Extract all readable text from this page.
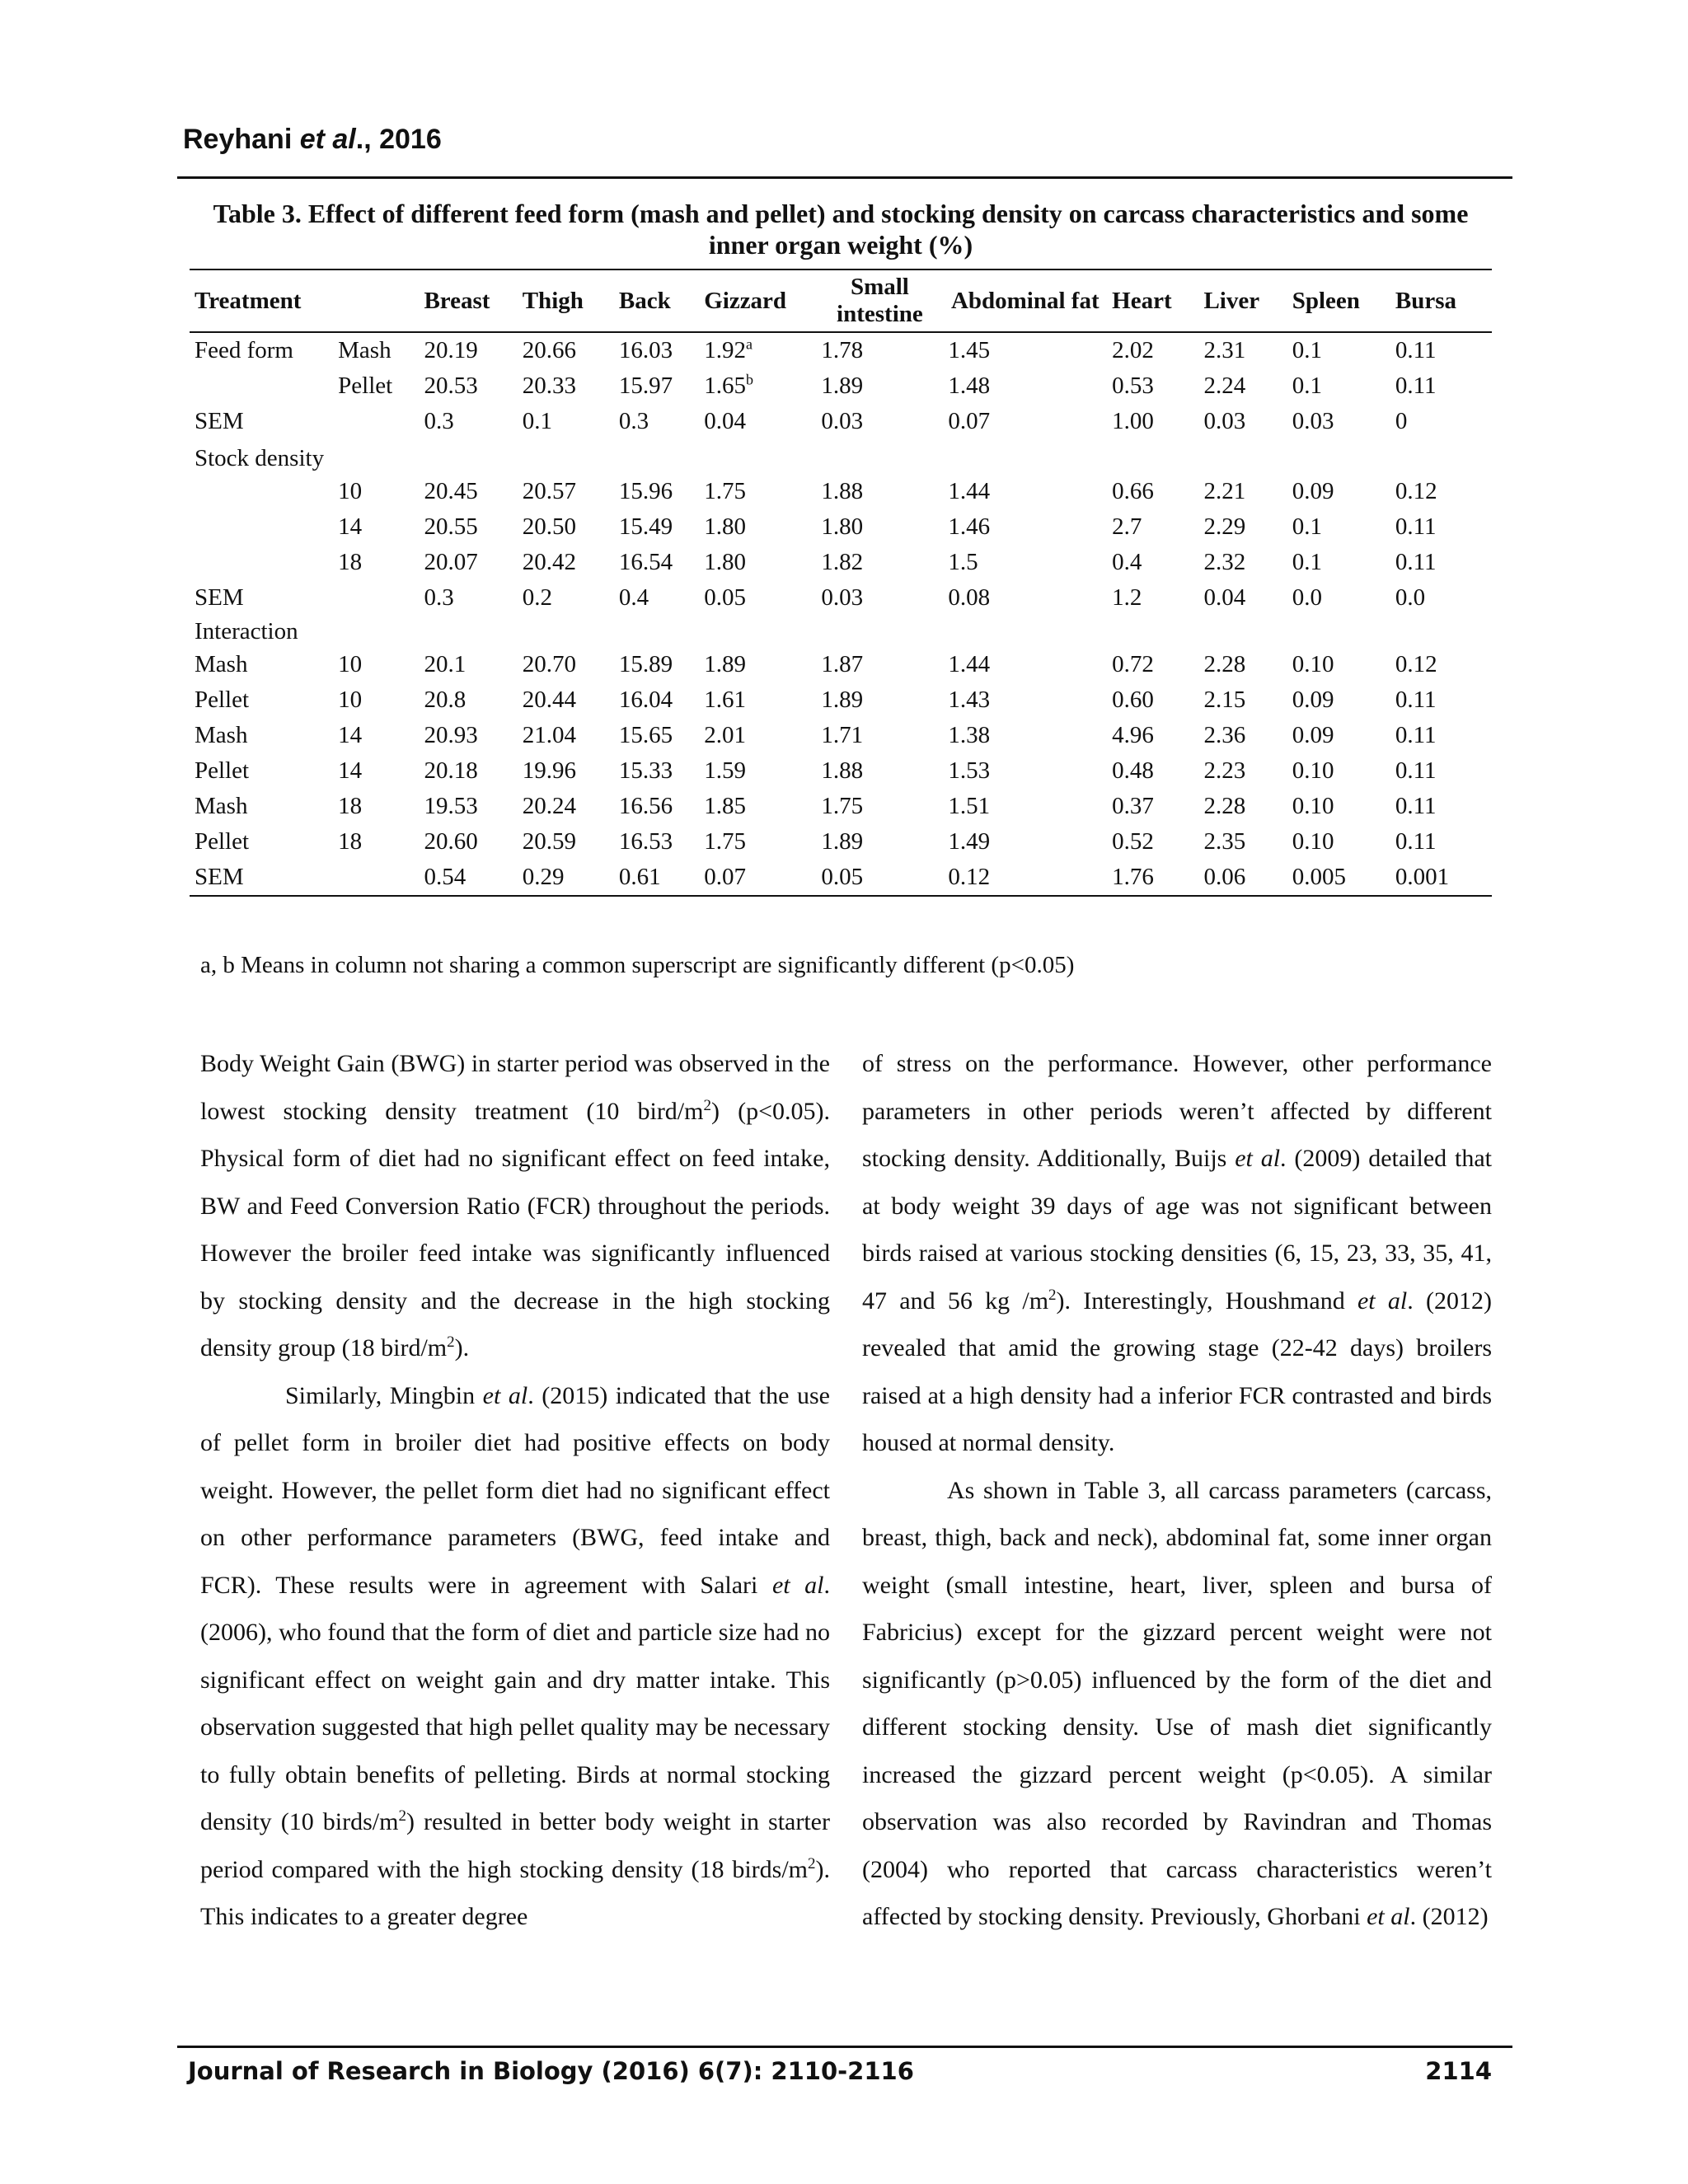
Reyhani et al., 2016
Table 3. Effect of different feed form (mash and pellet) and stocking density on carcass characteristics and some inner organ weight (%)
Treatment		Breast	Thigh	Back	Gizzard	Small intestine	Abdominal fat	Heart	Liver	Spleen	Bursa
Feed form	Mash	20.19	20.66	16.03	1.92$^a$	1.78	1.45	2.02	2.31	0.1	0.11
	Pellet	20.53	20.33	15.97	1.65$^b$	1.89	1.48	0.53	2.24	0.1	0.11
SEM		0.3	0.1	0.3	0.04	0.03	0.07	1.00	0.03	0.03	0
Stock density											
	10	20.45	20.57	15.96	1.75	1.88	1.44	0.66	2.21	0.09	0.12
	14	20.55	20.50	15.49	1.80	1.80	1.46	2.7	2.29	0.1	0.11
	18	20.07	20.42	16.54	1.80	1.82	1.5	0.4	2.32	0.1	0.11
SEM		0.3	0.2	0.4	0.05	0.03	0.08	1.2	0.04	0.0	0.0
Interaction											
Mash	10	20.1	20.70	15.89	1.89	1.87	1.44	0.72	2.28	0.10	0.12
Pellet	10	20.8	20.44	16.04	1.61	1.89	1.43	0.60	2.15	0.09	0.11
Mash	14	20.93	21.04	15.65	2.01	1.71	1.38	4.96	2.36	0.09	0.11
Pellet	14	20.18	19.96	15.33	1.59	1.88	1.53	0.48	2.23	0.10	0.11
Mash	18	19.53	20.24	16.56	1.85	1.75	1.51	0.37	2.28	0.10	0.11
Pellet	18	20.60	20.59	16.53	1.75	1.89	1.49	0.52	2.35	0.10	0.11
SEM		0.54	0.29	0.61	0.07	0.05	0.12	1.76	0.06	0.005	0.001
a, b Means in column not sharing a common superscript are significantly different (p<0.05)

Body Weight Gain (BWG) in starter period was observed in the lowest stocking density treatment (10 bird/$m^2$) (p<0.05). Physical form of diet had no significant effect on feed intake, BW and Feed Conversion Ratio (FCR) throughout the periods. However the broiler feed intake was significantly influenced by stocking density and the decrease in the high stocking density group (18 bird/$m^2$).

Similarly, Mingbin et al. (2015) indicated that the use of pellet form in broiler diet had positive effects on body weight. However, the pellet form diet had no significant effect on other performance parameters (BWG, feed intake and FCR). These results were in agreement with Salari et al. (2006), who found that the form of diet and particle size had no significant effect on weight gain and dry matter intake. This observation suggested that high pellet quality may be necessary to fully obtain benefits of pelleting. Birds at normal stocking density (10 birds/$m^2$) resulted in better body weight in starter period compared with the high stocking density (18 birds/$m^2$). This indicates to a greater degree

of stress on the performance. However, other performance parameters in other periods weren’t affected by different stocking density. Additionally, Buijs et al. (2009) detailed that at body weight 39 days of age was not significant between birds raised at various stocking densities (6, 15, 23, 33, 35, 41, 47 and 56 kg $/m^2$). Interestingly, Houshmand et al. (2012) revealed that amid the growing stage (22-42 days) broilers raised at a high density had a inferior FCR contrasted and birds housed at normal density.

As shown in Table 3, all carcass parameters (carcass, breast, thigh, back and neck), abdominal fat, some inner organ weight (small intestine, heart, liver, spleen and bursa of Fabricius) except for the gizzard percent weight were not significantly (p>0.05) influenced by the form of the diet and different stocking density. Use of mash diet significantly increased the gizzard percent weight (p<0.05). A similar observation was also recorded by Ravindran and Thomas (2004) who reported that carcass characteristics weren’t affected by stocking density. Previously, Ghorbani et al. (2012)

Journal of Research in Biology (2016) 6(7): 2110-2116	2114
